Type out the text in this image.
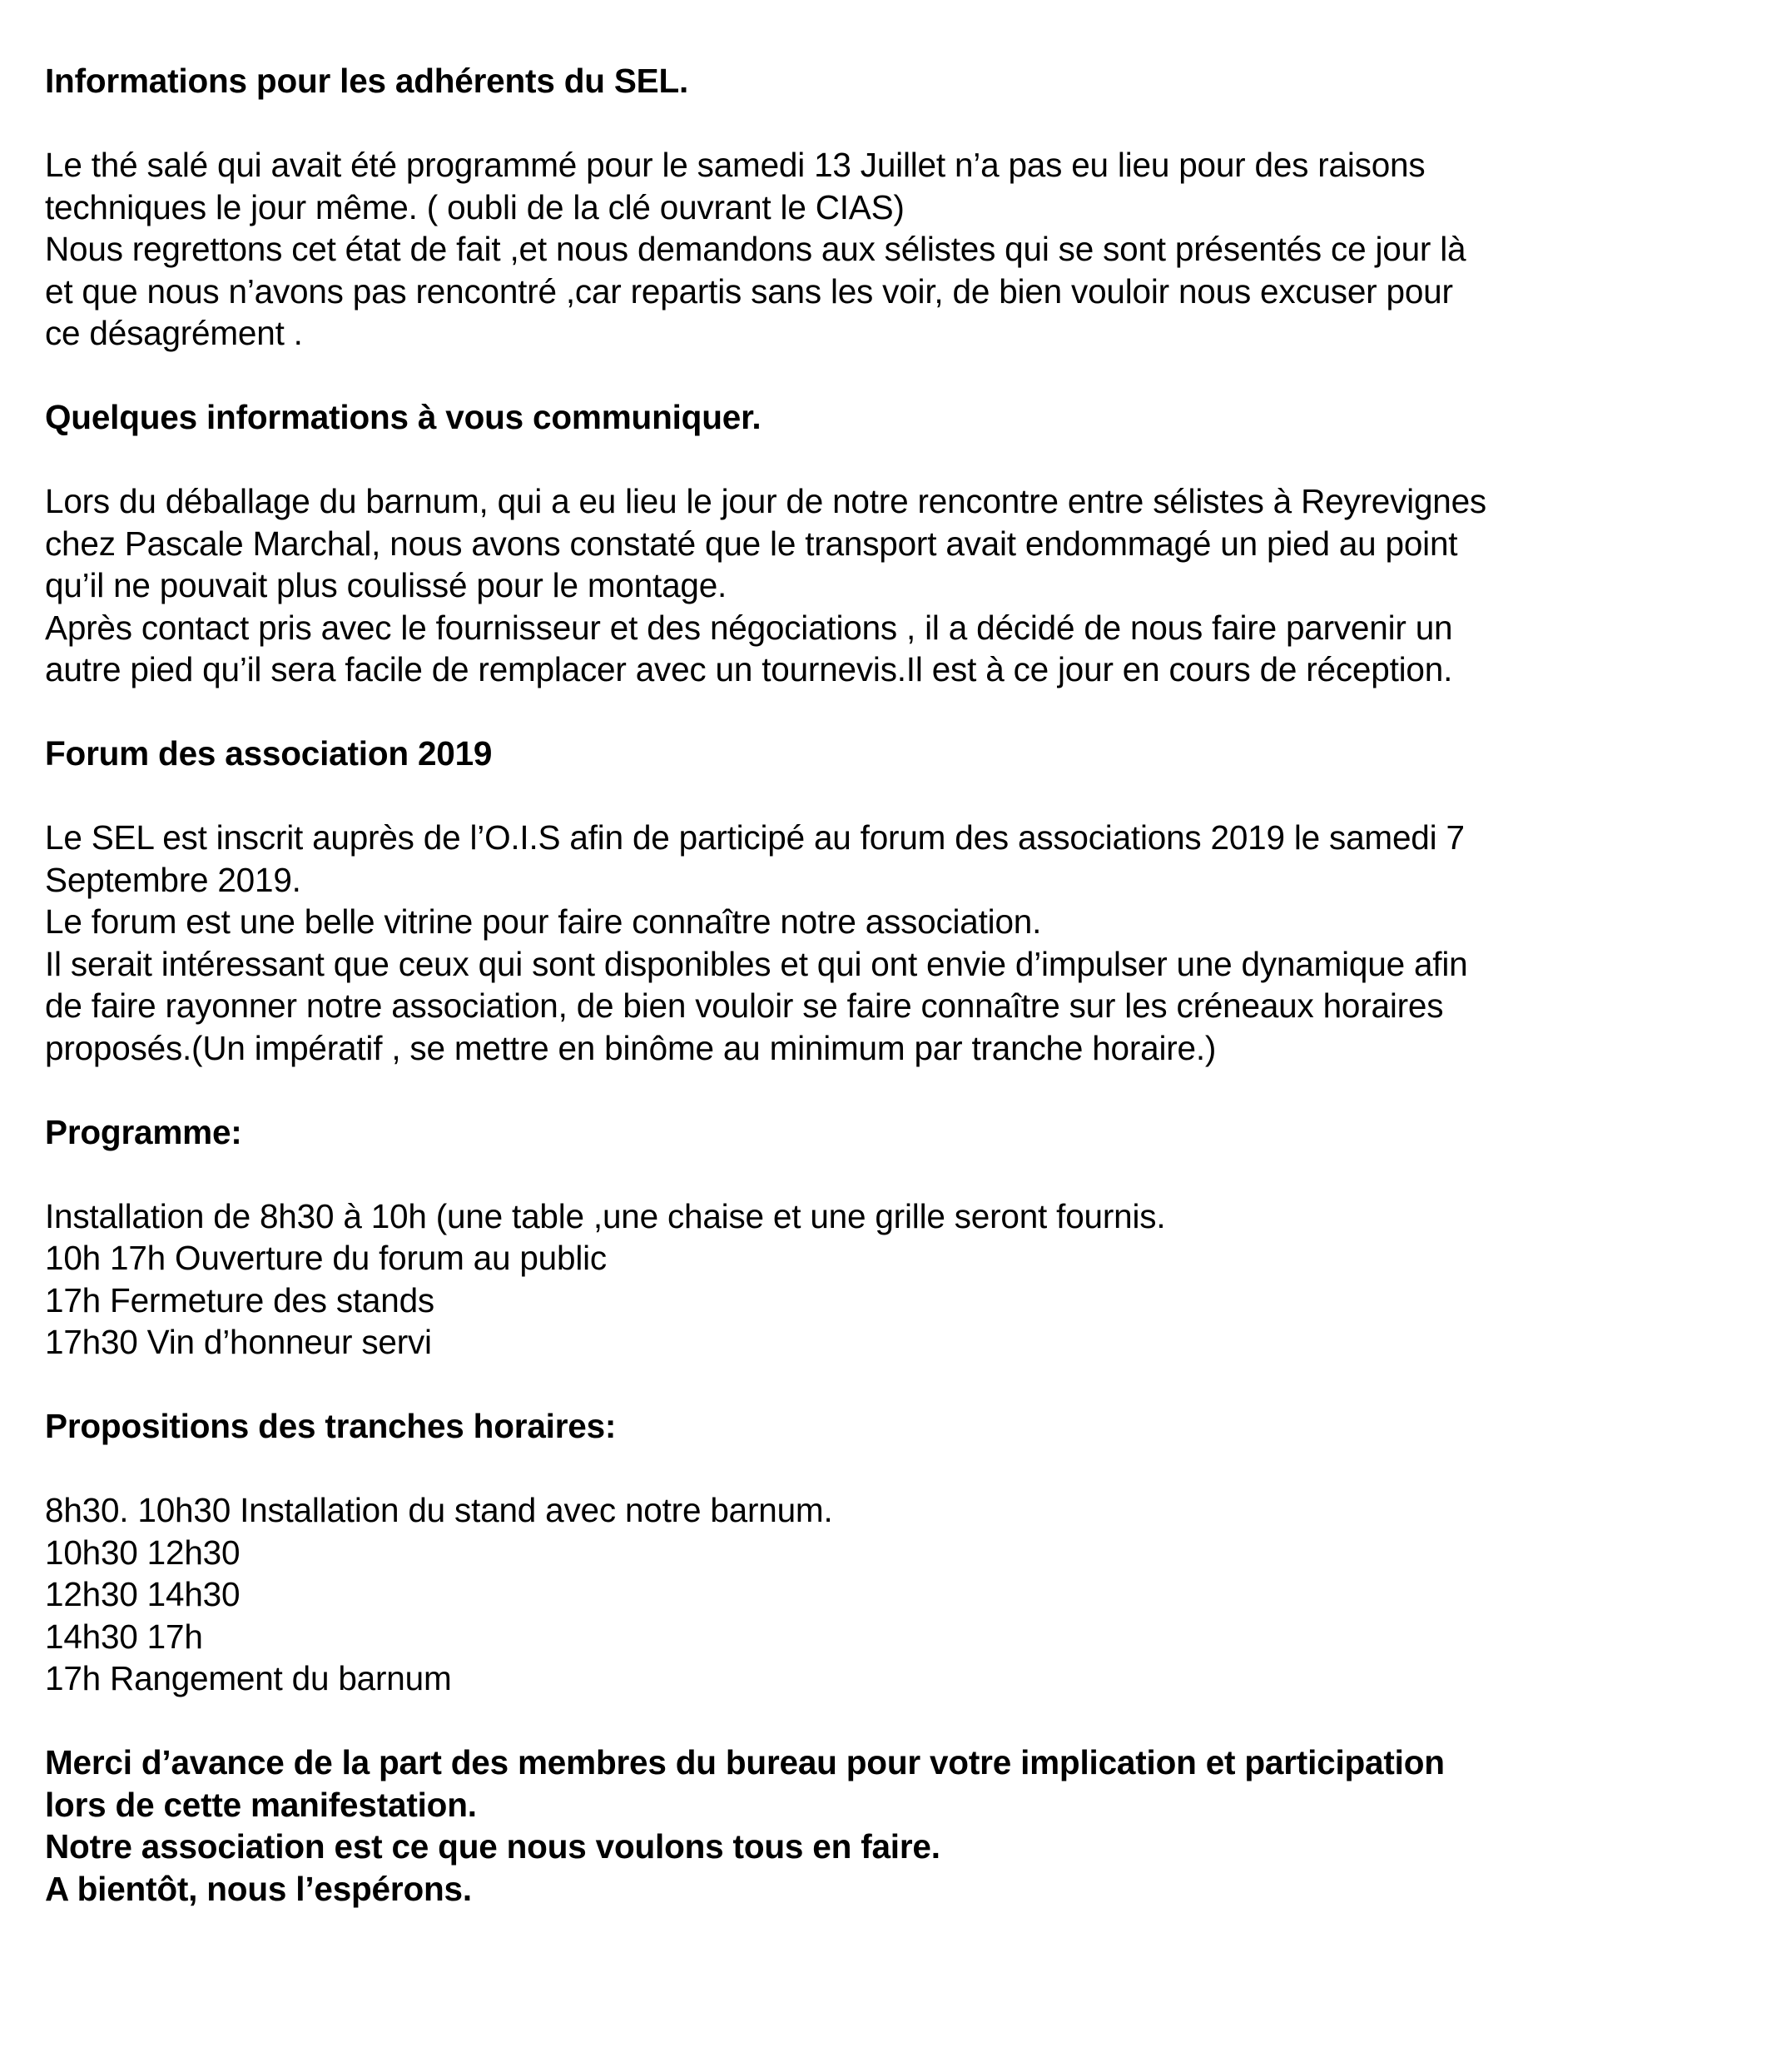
Informations pour les adhérents du SEL.
Le thé salé qui avait été programmé pour le samedi 13 Juillet n’a pas eu lieu pour des raisons
techniques le jour même. ( oubli de la clé ouvrant le CIAS)
Nous regrettons cet état de fait ,et nous demandons aux sélistes qui se sont présentés ce jour là
et que nous n’avons pas rencontré ,car repartis sans les voir, de bien vouloir nous excuser pour
ce désagrément .
Quelques informations à vous communiquer.
Lors du déballage du barnum, qui a eu lieu le jour de notre rencontre entre sélistes à Reyrevignes
chez Pascale Marchal, nous avons constaté que le transport avait endommagé un pied au point
qu’il ne pouvait plus coulissé pour le montage.
Après contact pris avec le fournisseur et des négociations , il a décidé de nous faire parvenir un
autre pied qu’il sera facile de remplacer avec un tournevis.Il est à ce jour en cours de réception.
Forum des association 2019
Le SEL est inscrit auprès de l’O.I.S afin de participé au forum des associations 2019 le samedi 7
Septembre 2019.
Le forum est une belle vitrine pour faire connaître notre association.
Il serait intéressant que ceux qui sont disponibles et qui ont envie d’impulser une dynamique afin
de faire rayonner notre association, de bien vouloir se faire connaître sur les créneaux horaires
proposés.(Un impératif , se mettre en binôme au minimum par tranche horaire.)
Programme:
Installation de 8h30 à 10h (une table ,une chaise et une grille seront fournis.
10h 17h Ouverture du forum au public
17h Fermeture des stands
17h30 Vin d’honneur servi
Propositions des tranches horaires:
8h30. 10h30 Installation du stand avec notre barnum.
10h30 12h30
12h30 14h30
14h30 17h
17h Rangement du barnum
Merci d’avance de la part des membres du bureau pour votre implication et participation
lors de cette manifestation.
Notre association est ce que nous voulons tous en faire.
A bientôt, nous l’espérons.
